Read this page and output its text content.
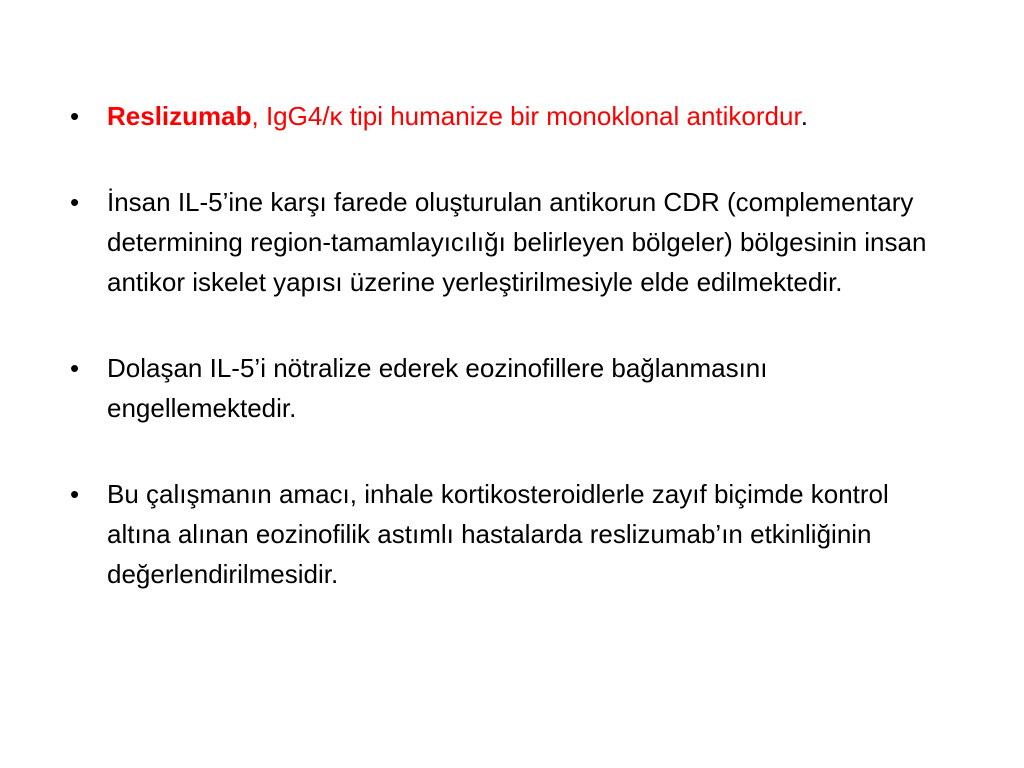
•	Reslizumab, IgG4/κ tipi humanize bir monoklonal antikordur.
•	İnsan IL-5’ine karşı farede oluşturulan antikorun CDR (complementary determining region-tamamlayıcılığı belirleyen bölgeler) bölgesinin insan antikor iskelet yapısı üzerine yerleştirilmesiyle elde edilmektedir.
•	Dolaşan IL-5’i nötralize ederek eozinofillere bağlanmasını engellemektedir.
•	Bu çalışmanın amacı, inhale kortikosteroidlerle zayıf biçimde kontrol altına alınan eozinofilik astımlı hastalarda reslizumab’ın etkinliğinin değerlendirilmesidir.
